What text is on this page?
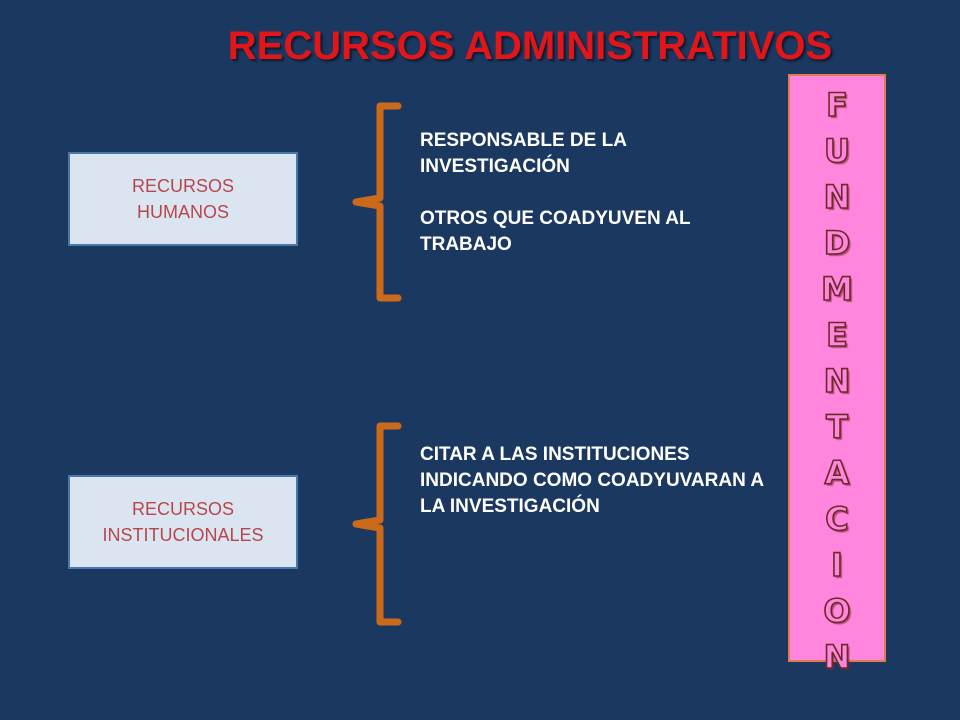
RECURSOS ADMINISTRATIVOS
RECURSOS
HUMANOS
RECURSOS
INSTITUCIONALES

RESPONSABLE DE LA INVESTIGACIÓN

OTROS QUE COADYUVEN AL TRABAJO

CITAR A LAS INSTITUCIONES INDICANDO COMO COADYUVARAN A LA INVESTIGACIÓN

F
U
N
D
M
E
N
T
A
C
I
O
N
